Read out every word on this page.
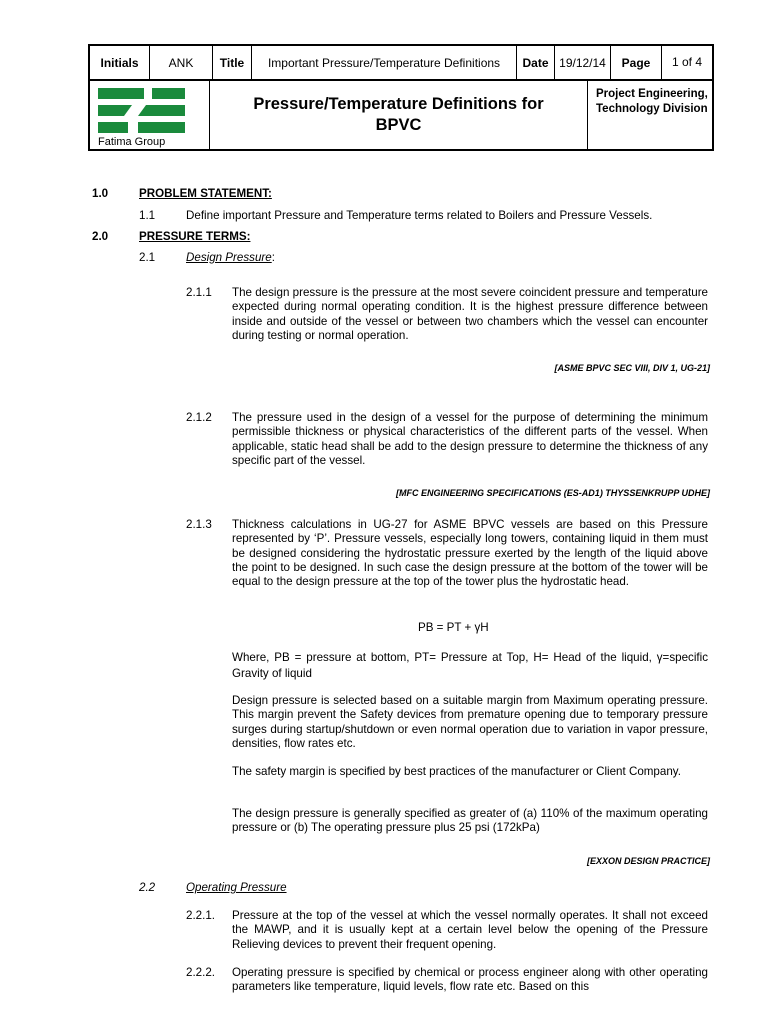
Initials	ANK	Title	Important Pressure/Temperature Definitions	Date 19/12/14	Page	1 of 4
Fatima Group
Pressure/Temperature Definitions for BPVC
Project Engineering, Technology Division
1.0	PROBLEM STATEMENT:
1.1	Define important Pressure and Temperature terms related to Boilers and Pressure Vessels.
2.0	PRESSURE TERMS:
2.1	Design Pressure:
2.1.1 The design pressure is the pressure at the most severe coincident pressure and temperature expected during normal operating condition. It is the highest pressure difference between inside and outside of the vessel or between two chambers which the vessel can encounter during testing or normal operation.
[ASME BPVC SEC VIII, DIV 1, UG-21]
2.1.2 The pressure used in the design of a vessel for the purpose of determining the minimum permissible thickness or physical characteristics of the different parts of the vessel. When applicable, static head shall be add to the design pressure to determine the thickness of any specific part of the vessel.
[MFC ENGINEERING SPECIFICATIONS (ES-AD1) THYSSENKRUPP UDHE]
2.1.3 Thickness calculations in UG-27 for ASME BPVC vessels are based on this Pressure represented by ‘P’. Pressure vessels, especially long towers, containing liquid in them must be designed considering the hydrostatic pressure exerted by the length of the liquid above the point to be designed. In such case the design pressure at the bottom of the tower will be equal to the design pressure at the top of the tower plus the hydrostatic head.
PB = PT + γH
Where, PB = pressure at bottom, PT= Pressure at Top, H= Head of the liquid, γ=specific Gravity of liquid
Design pressure is selected based on a suitable margin from Maximum operating pressure. This margin prevent the Safety devices from premature opening due to temporary pressure surges during startup/shutdown or even normal operation due to variation in vapor pressure, densities, flow rates etc.
The safety margin is specified by best practices of the manufacturer or Client Company.
The design pressure is generally specified as greater of (a) 110% of the maximum operating pressure or (b) The operating pressure plus 25 psi (172kPa)
[EXXON DESIGN PRACTICE]
2.2	Operating Pressure
2.2.1. Pressure at the top of the vessel at which the vessel normally operates. It shall not exceed the MAWP, and it is usually kept at a certain level below the opening of the Pressure Relieving devices to prevent their frequent opening.
2.2.2. Operating pressure is specified by chemical or process engineer along with other operating parameters like temperature, liquid levels, flow rate etc. Based on this
